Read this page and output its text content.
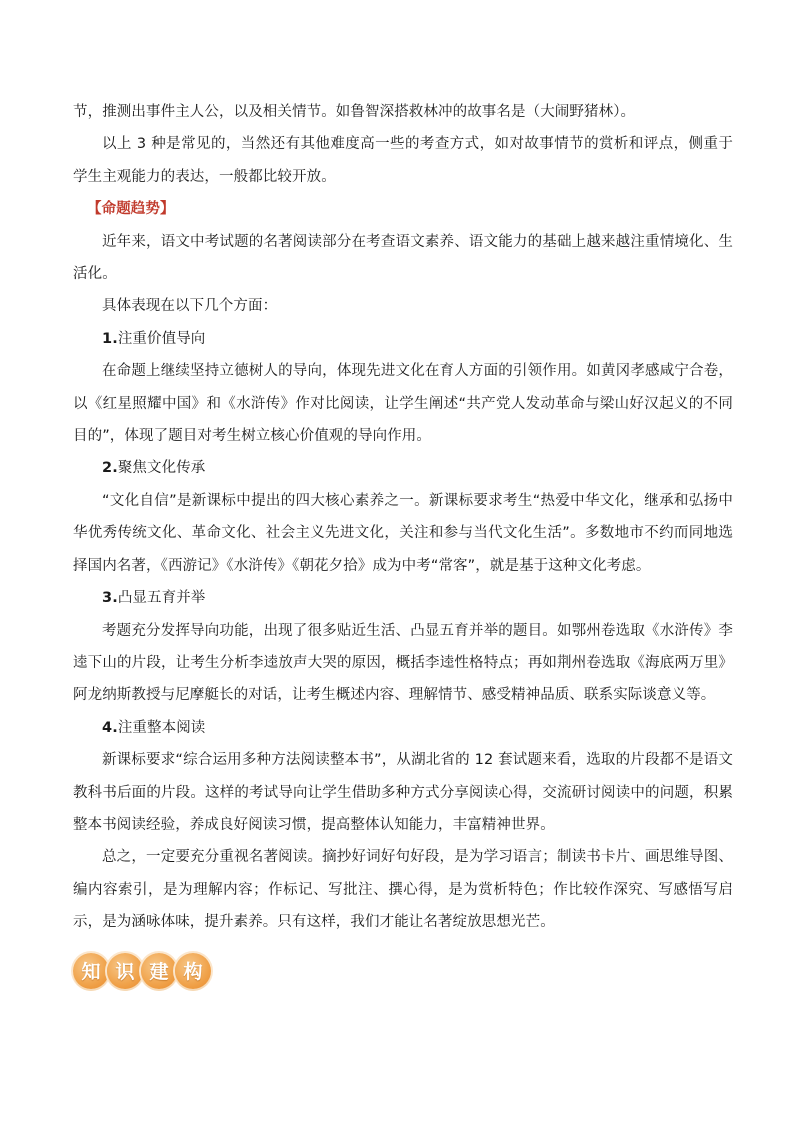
节，推测出事件主人公，以及相关情节。如鲁智深搭救林冲的故事名是（大闹野猪林）。

以上 3 种是常见的，当然还有其他难度高一些的考查方式，如对故事情节的赏析和评点，侧重于学生主观能力的表达，一般都比较开放。

【命题趋势】

近年来，语文中考试题的名著阅读部分在考查语文素养、语文能力的基础上越来越注重情境化、生活化。

具体表现在以下几个方面：

1.注重价值导向

在命题上继续坚持立德树人的导向，体现先进文化在育人方面的引领作用。如黄冈孝感咸宁合卷，以《红星照耀中国》和《水浒传》作对比阅读，让学生阐述“共产党人发动革命与梁山好汉起义的不同目的”，体现了题目对考生树立核心价值观的导向作用。

2.聚焦文化传承

“文化自信”是新课标中提出的四大核心素养之一。新课标要求考生“热爱中华文化，继承和弘扬中华优秀传统文化、革命文化、社会主义先进文化，关注和参与当代文化生活”。多数地市不约而同地选择国内名著，《西游记》《水浒传》《朝花夕拾》成为中考“常客”，就是基于这种文化考虑。

3.凸显五育并举

考题充分发挥导向功能，出现了很多贴近生活、凸显五育并举的题目。如鄂州卷选取《水浒传》李逵下山的片段，让考生分析李逵放声大哭的原因，概括李逵性格特点；再如荆州卷选取《海底两万里》阿龙纳斯教授与尼摩艇长的对话，让考生概述内容、理解情节、感受精神品质、联系实际谈意义等。

4.注重整本阅读

新课标要求“综合运用多种方法阅读整本书”，从湖北省的 12 套试题来看，选取的片段都不是语文教科书后面的片段。这样的考试导向让学生借助多种方式分享阅读心得，交流研讨阅读中的问题，积累整本书阅读经验，养成良好阅读习惯，提高整体认知能力，丰富精神世界。

总之，一定要充分重视名著阅读。摘抄好词好句好段，是为学习语言；制读书卡片、画思维导图、编内容索引，是为理解内容；作标记、写批注、撰心得，是为赏析特色；作比较作深究、写感悟写启示，是为涵咏体味，提升素养。只有这样，我们才能让名著绽放思想光芒。

知 识 建 构
